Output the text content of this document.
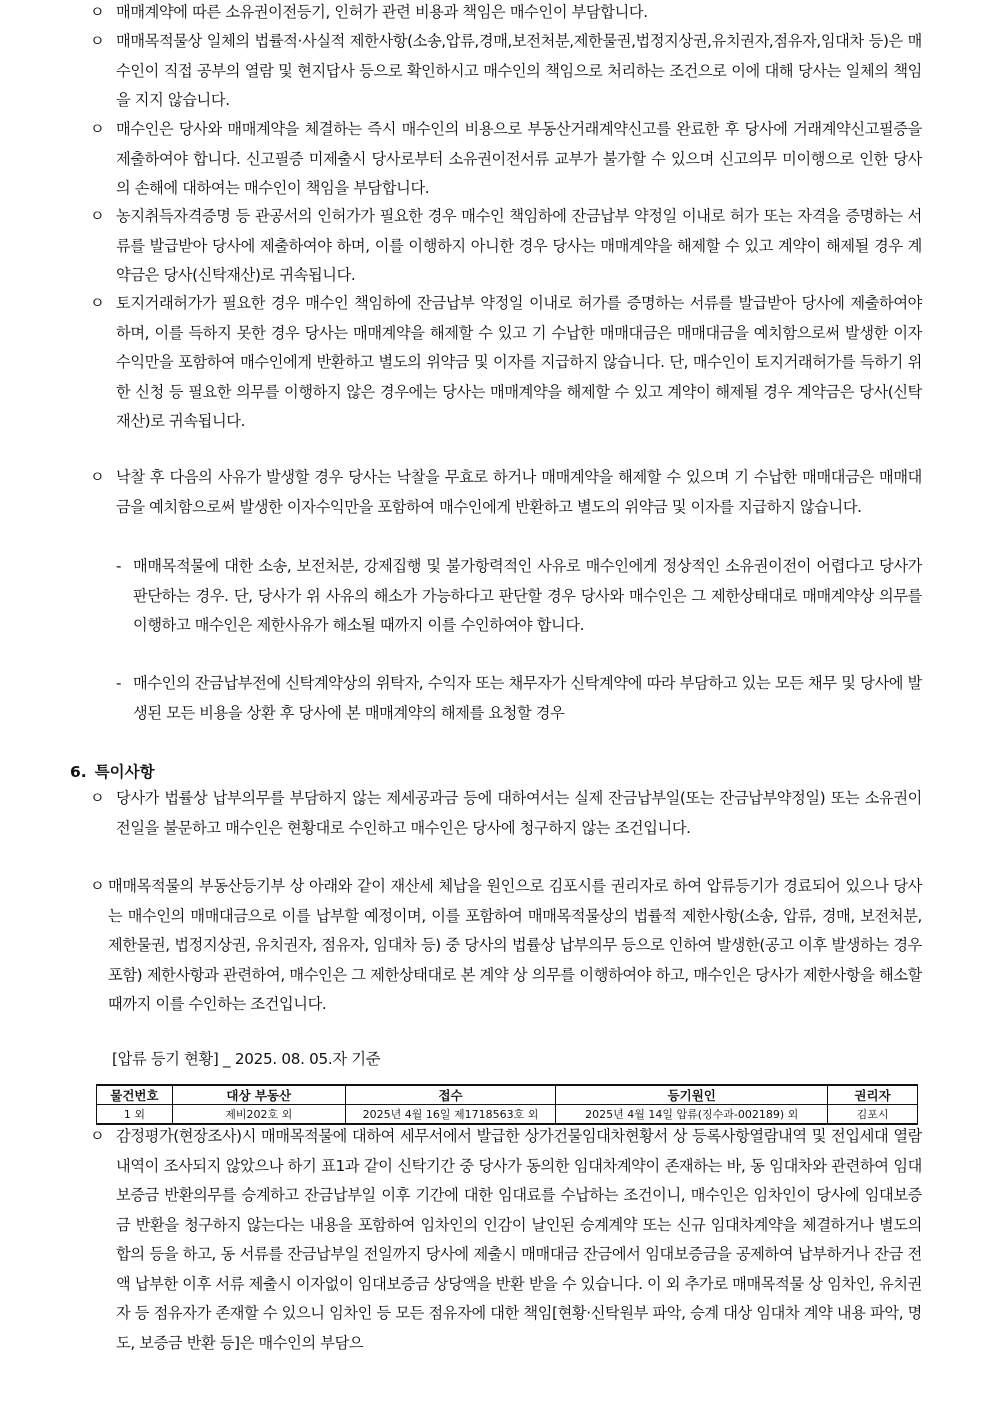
ㅇ 매매계약에 따른 소유권이전등기, 인허가 관련 비용과 책임은 매수인이 부담합니다.
ㅇ 매매목적물상 일체의 법률적·사실적 제한사항(소송,압류,경매,보전처분,제한물권,법정지상권,유치권자,점유자,임대차 등)은 매수인이 직접 공부의 열람 및 현지답사 등으로 확인하시고 매수인의 책임으로 처리하는 조건으로 이에 대해 당사는 일체의 책임을 지지 않습니다.
ㅇ 매수인은 당사와 매매계약을 체결하는 즉시 매수인의 비용으로 부동산거래계약신고를 완료한 후 당사에 거래계약신고필증을 제출하여야 합니다. 신고필증 미제출시 당사로부터 소유권이전서류 교부가 불가할 수 있으며 신고의무 미이행으로 인한 당사의 손해에 대하여는 매수인이 책임을 부담합니다.
ㅇ 농지취득자격증명 등 관공서의 인허가가 필요한 경우 매수인 책임하에 잔금납부 약정일 이내로 허가 또는 자격을 증명하는 서류를 발급받아 당사에 제출하여야 하며, 이를 이행하지 아니한 경우 당사는 매매계약을 해제할 수 있고 계약이 해제될 경우 계약금은 당사(신탁재산)로 귀속됩니다.
ㅇ 토지거래허가가 필요한 경우 매수인 책임하에 잔금납부 약정일 이내로 허가를 증명하는 서류를 발급받아 당사에 제출하여야 하며, 이를 득하지 못한 경우 당사는 매매계약을 해제할 수 있고 기 수납한 매매대금은 매매대금을 예치함으로써 발생한 이자수익만을 포함하여 매수인에게 반환하고 별도의 위약금 및 이자를 지급하지 않습니다. 단, 매수인이 토지거래허가를 득하기 위한 신청 등 필요한 의무를 이행하지 않은 경우에는 당사는 매매계약을 해제할 수 있고 계약이 해제될 경우 계약금은 당사(신탁재산)로 귀속됩니다.
ㅇ 낙찰 후 다음의 사유가 발생할 경우 당사는 낙찰을 무효로 하거나 매매계약을 해제할 수 있으며 기 수납한 매매대금은 매매대금을 예치함으로써 발생한 이자수익만을 포함하여 매수인에게 반환하고 별도의 위약금 및 이자를 지급하지 않습니다.
- 매매목적물에 대한 소송, 보전처분, 강제집행 및 불가항력적인 사유로 매수인에게 정상적인 소유권이전이 어렵다고 당사가 판단하는 경우. 단, 당사가 위 사유의 해소가 가능하다고 판단할 경우 당사와 매수인은 그 제한상태대로 매매계약상 의무를 이행하고 매수인은 제한사유가 해소될 때까지 이를 수인하여야 합니다.
- 매수인의 잔금납부전에 신탁계약상의 위탁자, 수익자 또는 채무자가 신탁계약에 따라 부담하고 있는 모든 채무 및 당사에 발생된 모든 비용을 상환 후 당사에 본 매매계약의 해제를 요청할 경우
6. 특이사항
ㅇ 당사가 법률상 납부의무를 부담하지 않는 제세공과금 등에 대하여서는 실제 잔금납부일(또는 잔금납부약정일) 또는 소유권이전일을 불문하고 매수인은 현황대로 수인하고 매수인은 당사에 청구하지 않는 조건입니다.
ㅇ 매매목적물의 부동산등기부 상 아래와 같이 재산세 체납을 원인으로 김포시를 권리자로 하여 압류등기가 경료되어 있으나 당사는 매수인의 매매대금으로 이를 납부할 예정이며, 이를 포함하여 매매목적물상의 법률적 제한사항(소송, 압류, 경매, 보전처분, 제한물권, 법정지상권, 유치권자, 점유자, 임대차 등) 중 당사의 법률상 납부의무 등으로 인하여 발생한(공고 이후 발생하는 경우 포함) 제한사항과 관련하여, 매수인은 그 제한상태대로 본 계약 상 의무를 이행하여야 하고, 매수인은 당사가 제한사항을 해소할 때까지 이를 수인하는 조건입니다.
[압류 등기 현황] _ 2025. 08. 05.자 기준
물건번호	대상 부동산	접수	등기원인	권리자
1 외	제비202호 외	2025년 4월 16일 제1718563호 외	2025년 4월 14일 압류(징수과-002189) 외	김포시
ㅇ 감정평가(현장조사)시 매매목적물에 대하여 세무서에서 발급한 상가건물임대차현황서 상 등록사항열람내역 및 전입세대 열람내역이 조사되지 않았으나 하기 표1과 같이 신탁기간 중 당사가 동의한 임대차계약이 존재하는 바, 동 임대차와 관련하여 임대보증금 반환의무를 승계하고 잔금납부일 이후 기간에 대한 임대료를 수납하는 조건이니, 매수인은 임차인이 당사에 임대보증금 반환을 청구하지 않는다는 내용을 포함하여 임차인의 인감이 날인된 승계계약 또는 신규 임대차계약을 체결하거나 별도의 합의 등을 하고, 동 서류를 잔금납부일 전일까지 당사에 제출시 매매대금 잔금에서 임대보증금을 공제하여 납부하거나 잔금 전액 납부한 이후 서류 제출시 이자없이 임대보증금 상당액을 반환 받을 수 있습니다. 이 외 추가로 매매목적물 상 임차인, 유치권자 등 점유자가 존재할 수 있으니 임차인 등 모든 점유자에 대한 책임[현황·신탁원부 파악, 승계 대상 임대차 계약 내용 파악, 명도, 보증금 반환 등]은 매수인의 부담으
